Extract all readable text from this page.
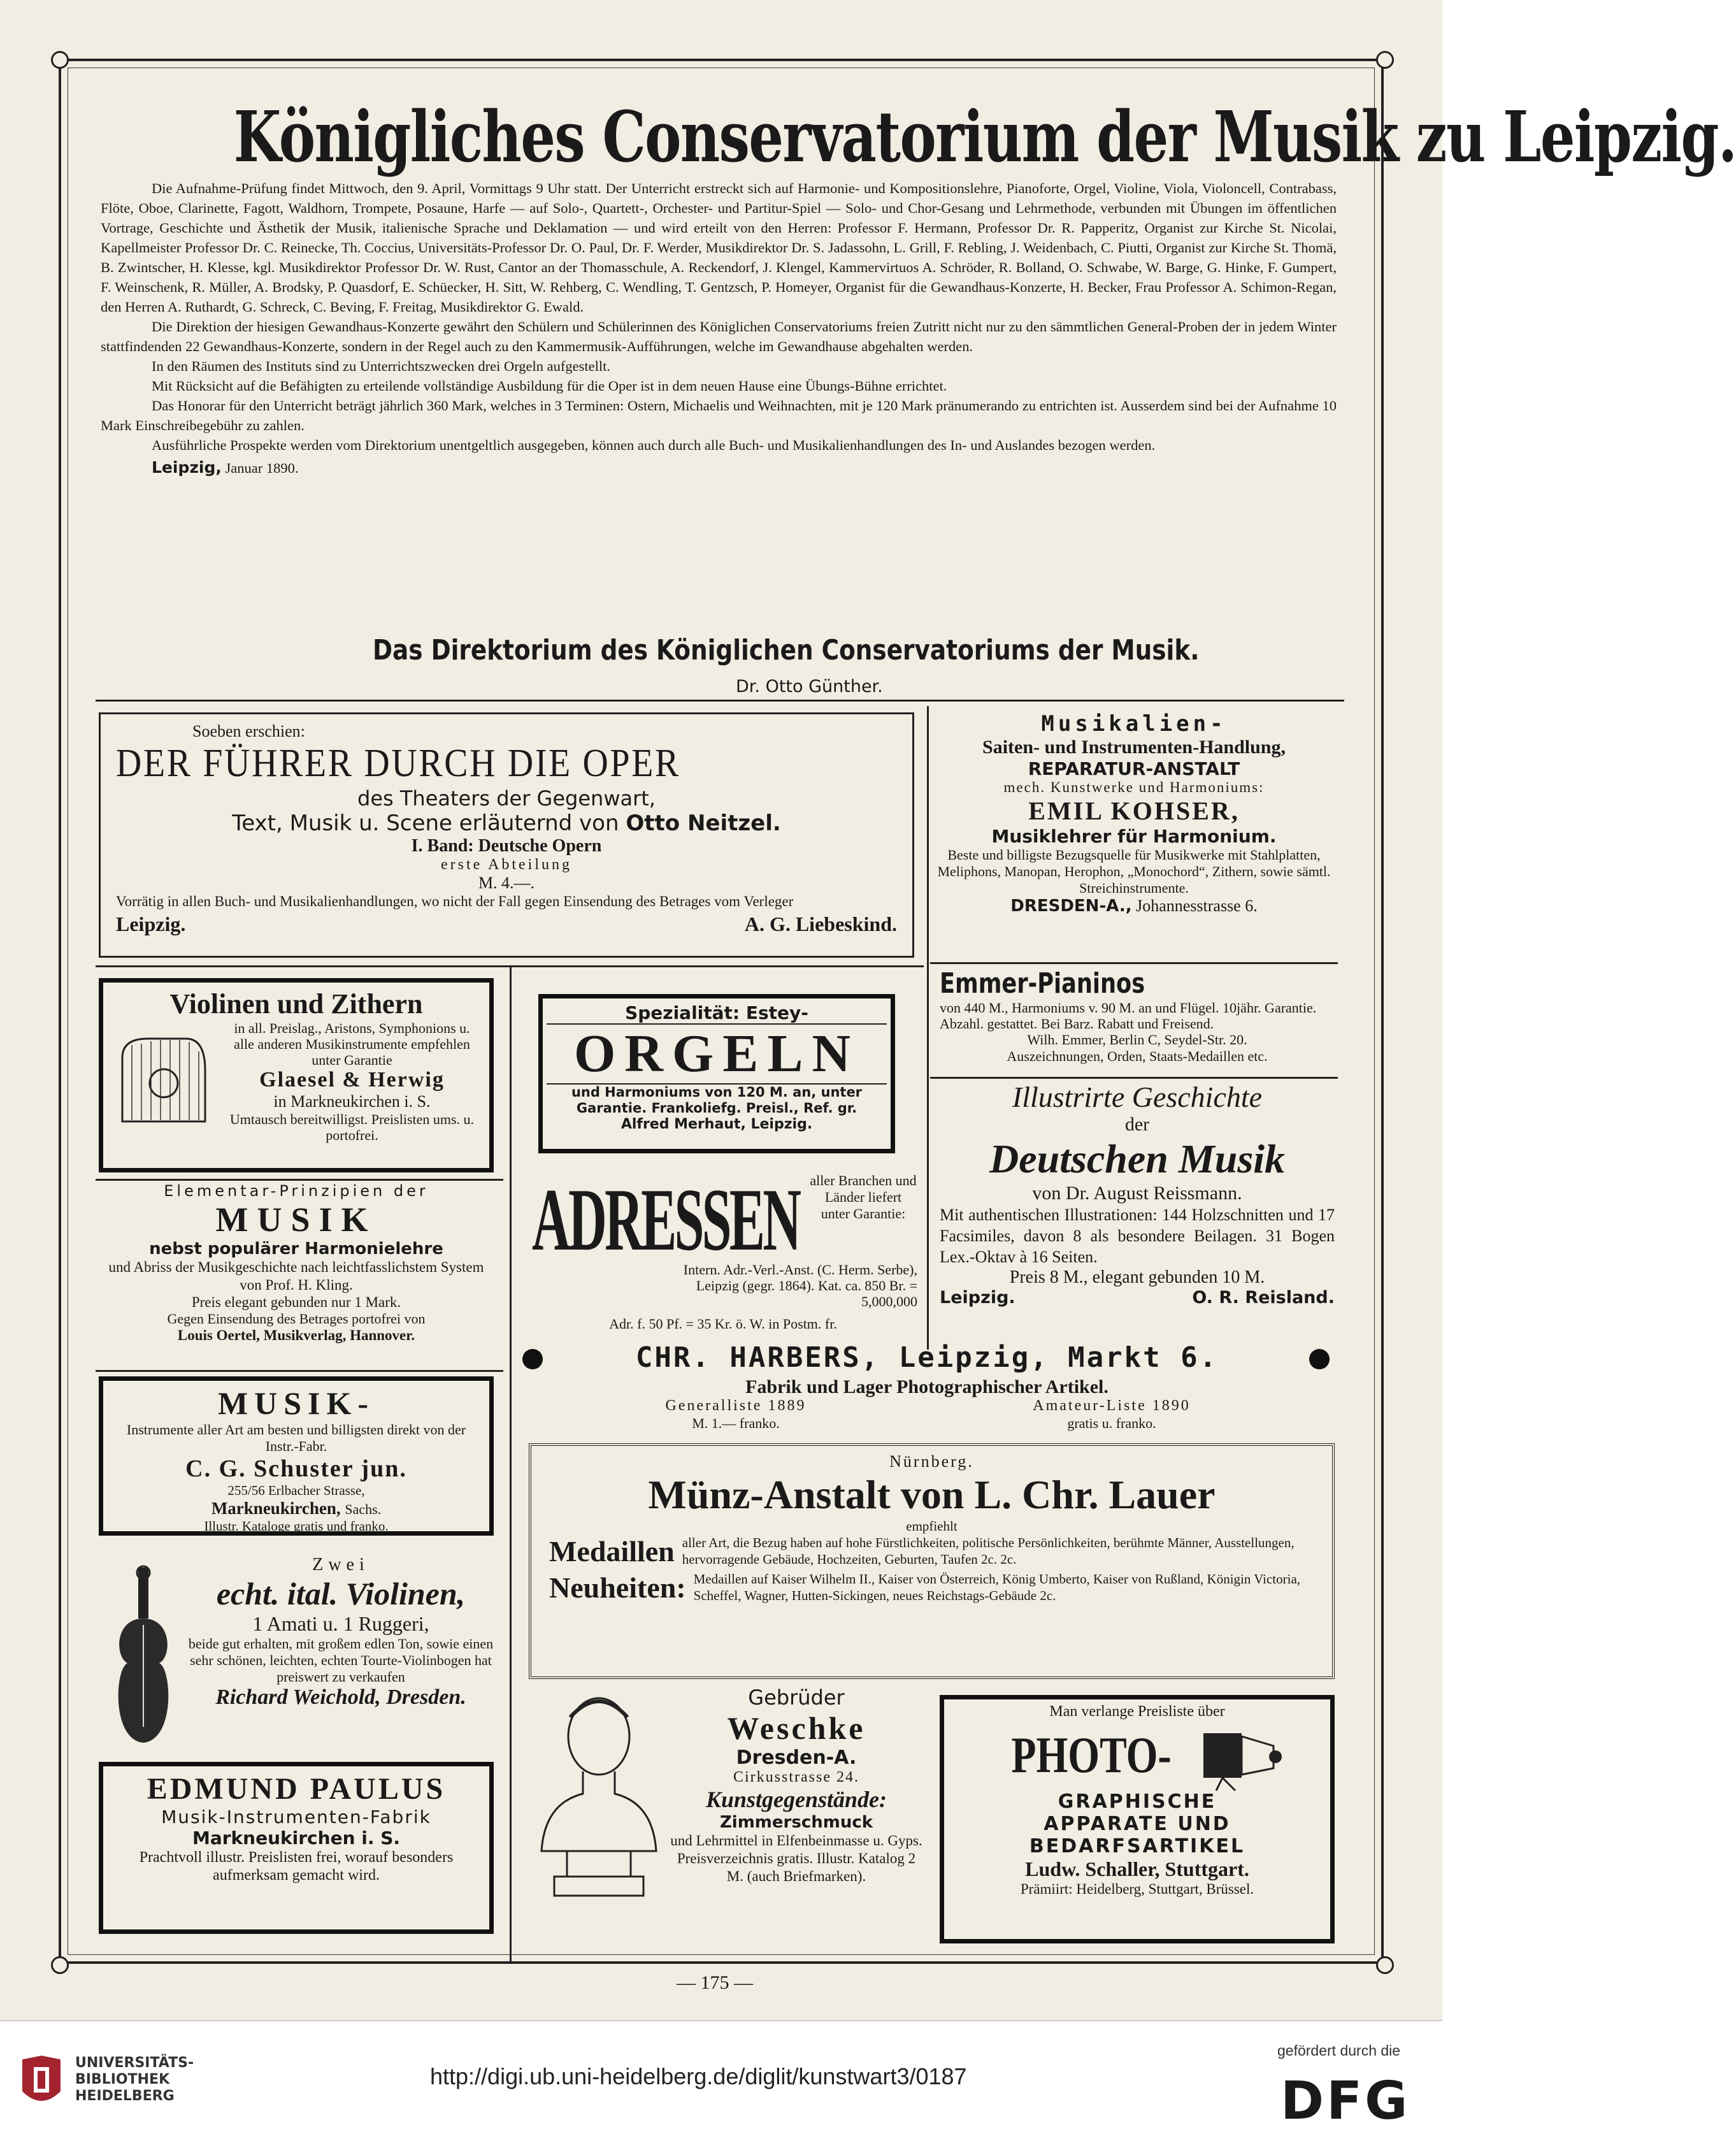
Königliches Conservatorium der Musik zu Leipzig.

Die Aufnahme-Prüfung findet Mittwoch, den 9. April, Vormittags 9 Uhr statt. Der Unterricht erstreckt sich auf Harmonie- und Kompositionslehre, Pianoforte, Orgel, Violine, Viola, Violoncell, Contrabass, Flöte, Oboe, Clarinette, Fagott, Waldhorn, Trompete, Posaune, Harfe — auf Solo-, Quartett-, Orchester- und Partitur-Spiel — Solo- und Chor-Gesang und Lehrmethode, verbunden mit Übungen im öffentlichen Vortrage, Geschichte und Ästhetik der Musik, italienische Sprache und Deklamation — und wird erteilt von den Herren: Professor F. Hermann, Professor Dr. R. Papperitz, Organist zur Kirche St. Nicolai, Kapellmeister Professor Dr. C. Reinecke, Th. Coccius, Universitäts-Professor Dr. O. Paul, Dr. F. Werder, Musikdirektor Dr. S. Jadassohn, L. Grill, F. Rebling, J. Weidenbach, C. Piutti, Organist zur Kirche St. Thomä, B. Zwintscher, H. Klesse, kgl. Musikdirektor Professor Dr. W. Rust, Cantor an der Thomasschule, A. Reckendorf, J. Klengel, Kammervirtuos A. Schröder, R. Bolland, O. Schwabe, W. Barge, G. Hinke, F. Gumpert, F. Weinschenk, R. Müller, A. Brodsky, P. Quasdorf, E. Schüecker, H. Sitt, W. Rehberg, C. Wendling, T. Gentzsch, P. Homeyer, Organist für die Gewandhaus-Konzerte, H. Becker, Frau Professor A. Schimon-Regan, den Herren A. Ruthardt, G. Schreck, C. Beving, F. Freitag, Musikdirektor G. Ewald.

Die Direktion der hiesigen Gewandhaus-Konzerte gewährt den Schülern und Schülerinnen des Königlichen Conservatoriums freien Zutritt nicht nur zu den sämmtlichen General-Proben der in jedem Winter stattfindenden 22 Gewandhaus-Konzerte, sondern in der Regel auch zu den Kammermusik-Aufführungen, welche im Gewandhause abgehalten werden.

In den Räumen des Instituts sind zu Unterrichtszwecken drei Orgeln aufgestellt.

Mit Rücksicht auf die Befähigten zu erteilende vollständige Ausbildung für die Oper ist in dem neuen Hause eine Übungs-Bühne errichtet.

Das Honorar für den Unterricht beträgt jährlich 360 Mark, welches in 3 Terminen: Ostern, Michaelis und Weihnachten, mit je 120 Mark pränumerando zu entrichten ist. Ausserdem sind bei der Aufnahme 10 Mark Einschreibegebühr zu zahlen.

Ausführliche Prospekte werden vom Direktorium unentgeltlich ausgegeben, können auch durch alle Buch- und Musikalienhandlungen des In- und Auslandes bezogen werden.

Leipzig, Januar 1890.

Das Direktorium des Königlichen Conservatoriums der Musik.
Dr. Otto Günther.
Soeben erschien:
DER FÜHRER DURCH DIE OPER
des Theaters der Gegenwart,
Text, Musik u. Scene erläuternd von Otto Neitzel.
I. Band: Deutsche Opern
erste Abteilung
M. 4.—.
Vorrätig in allen Buch- und Musikalienhandlungen, wo nicht der Fall gegen Einsendung des Betrages vom Verleger
Leipzig.	A. G. Liebeskind.
Musikalien-
Saiten- und Instrumenten-Handlung,
REPARATUR-ANSTALT
mech. Kunstwerke und Harmoniums:
EMIL KOHSER,
Musiklehrer für Harmonium.
Beste und billigste Bezugsquelle für Musikwerke mit Stahlplatten, Meliphons, Manopan, Herophon, „Monochord“, Zithern, sowie sämtl. Streichinstrumente.
DRESDEN-A., Johannesstrasse 6.
Emmer-Pianinos
von 440 M., Harmoniums v. 90 M. an und Flügel. 10jähr. Garantie. Abzahl. gestattet. Bei Barz. Rabatt und Freisend.
Wilh. Emmer, Berlin C, Seydel-Str. 20.
Auszeichnungen, Orden, Staats-Medaillen etc.
Illustrirte Geschichte
der
Deutschen Musik
von Dr. August Reissmann.
Mit authentischen Illustrationen: 144 Holzschnitten und 17 Facsimiles, davon 8 als besondere Beilagen. 31 Bogen Lex.-Oktav à 16 Seiten.
Preis 8 M., elegant gebunden 10 M.
Leipzig.	O. R. Reisland.
Violinen und Zithern
in all. Preislag., Aristons, Symphonions u. alle anderen Musikinstrumente empfehlen unter Garantie
Glaesel & Herwig
in Markneukirchen i. S.
Umtausch bereitwilligst. Preislisten ums. u. portofrei.
Spezialität: Estey-
ORGELN
und Harmoniums von 120 M. an, unter Garantie. Frankoliefg. Preisl., Ref. gr.
Alfred Merhaut, Leipzig.
Elementar-Prinzipien der
MUSIK
nebst populärer Harmonielehre
und Abriss der Musikgeschichte nach leichtfasslichstem System von Prof. H. Kling.
Preis elegant gebunden nur 1 Mark.
Gegen Einsendung des Betrages portofrei von
Louis Oertel, Musikverlag, Hannover.
ADRESSEN aller Branchen und Länder liefert unter Garantie:
Intern. Adr.-Verl.-Anst. (C. Herm. Serbe), Leipzig (gegr. 1864). Kat. ca. 850 Br. = 5,000,000
Adr. f. 50 Pf. = 35 Kr. ö. W. in Postm. fr.
MUSIK-
Instrumente aller Art am besten und billigsten direkt von der Instr.-Fabr.
C. G. Schuster jun.
255/56 Erlbacher Strasse,
Markneukirchen, Sachs.
Illustr. Kataloge gratis und franko.
CHR. HARBERS, Leipzig, Markt 6.
Fabrik und Lager Photographischer Artikel.
Generalliste 1889
M. 1.— franko.
Amateur-Liste 1890
gratis u. franko.
Nürnberg.
Münz-Anstalt von L. Chr. Lauer
empfiehlt
Medaillen aller Art, die Bezug haben auf hohe Fürstlichkeiten, politische Persönlichkeiten, berühmte Männer, Ausstellungen, hervorragende Gebäude, Hochzeiten, Geburten, Taufen 2c. 2c.
Neuheiten: Medaillen auf Kaiser Wilhelm II., Kaiser von Österreich, König Umberto, Kaiser von Rußland, Königin Victoria, Scheffel, Wagner, Hutten-Sickingen, neues Reichstags-Gebäude 2c.
Zwei
echt. ital. Violinen,
1 Amati u. 1 Ruggeri,
beide gut erhalten, mit großem edlen Ton, sowie einen sehr schönen, leichten, echten Tourte-Violinbogen hat preiswert zu verkaufen
Richard Weichold, Dresden.
EDMUND PAULUS
Musik-Instrumenten-Fabrik
Markneukirchen i. S.
Prachtvoll illustr. Preislisten frei, worauf besonders aufmerksam gemacht wird.
Gebrüder
Weschke
Dresden-A.
Cirkusstrasse 24.
Kunstgegenstände:
Zimmerschmuck
und Lehrmittel in Elfenbeinmasse u. Gyps. Preisverzeichnis gratis. Illustr. Katalog 2 M. (auch Briefmarken).
Man verlange Preisliste über
PHOTO-
GRAPHISCHE
APPARATE UND
BEDARFSARTIKEL
Ludw. Schaller, Stuttgart.
Prämiirt: Heidelberg, Stuttgart, Brüssel.
— 175 —
UNIVERSITÄTS-
BIBLIOTHEK
HEIDELBERG
http://digi.ub.uni-heidelberg.de/diglit/kunstwart3/0187
gefördert durch die
DFG
